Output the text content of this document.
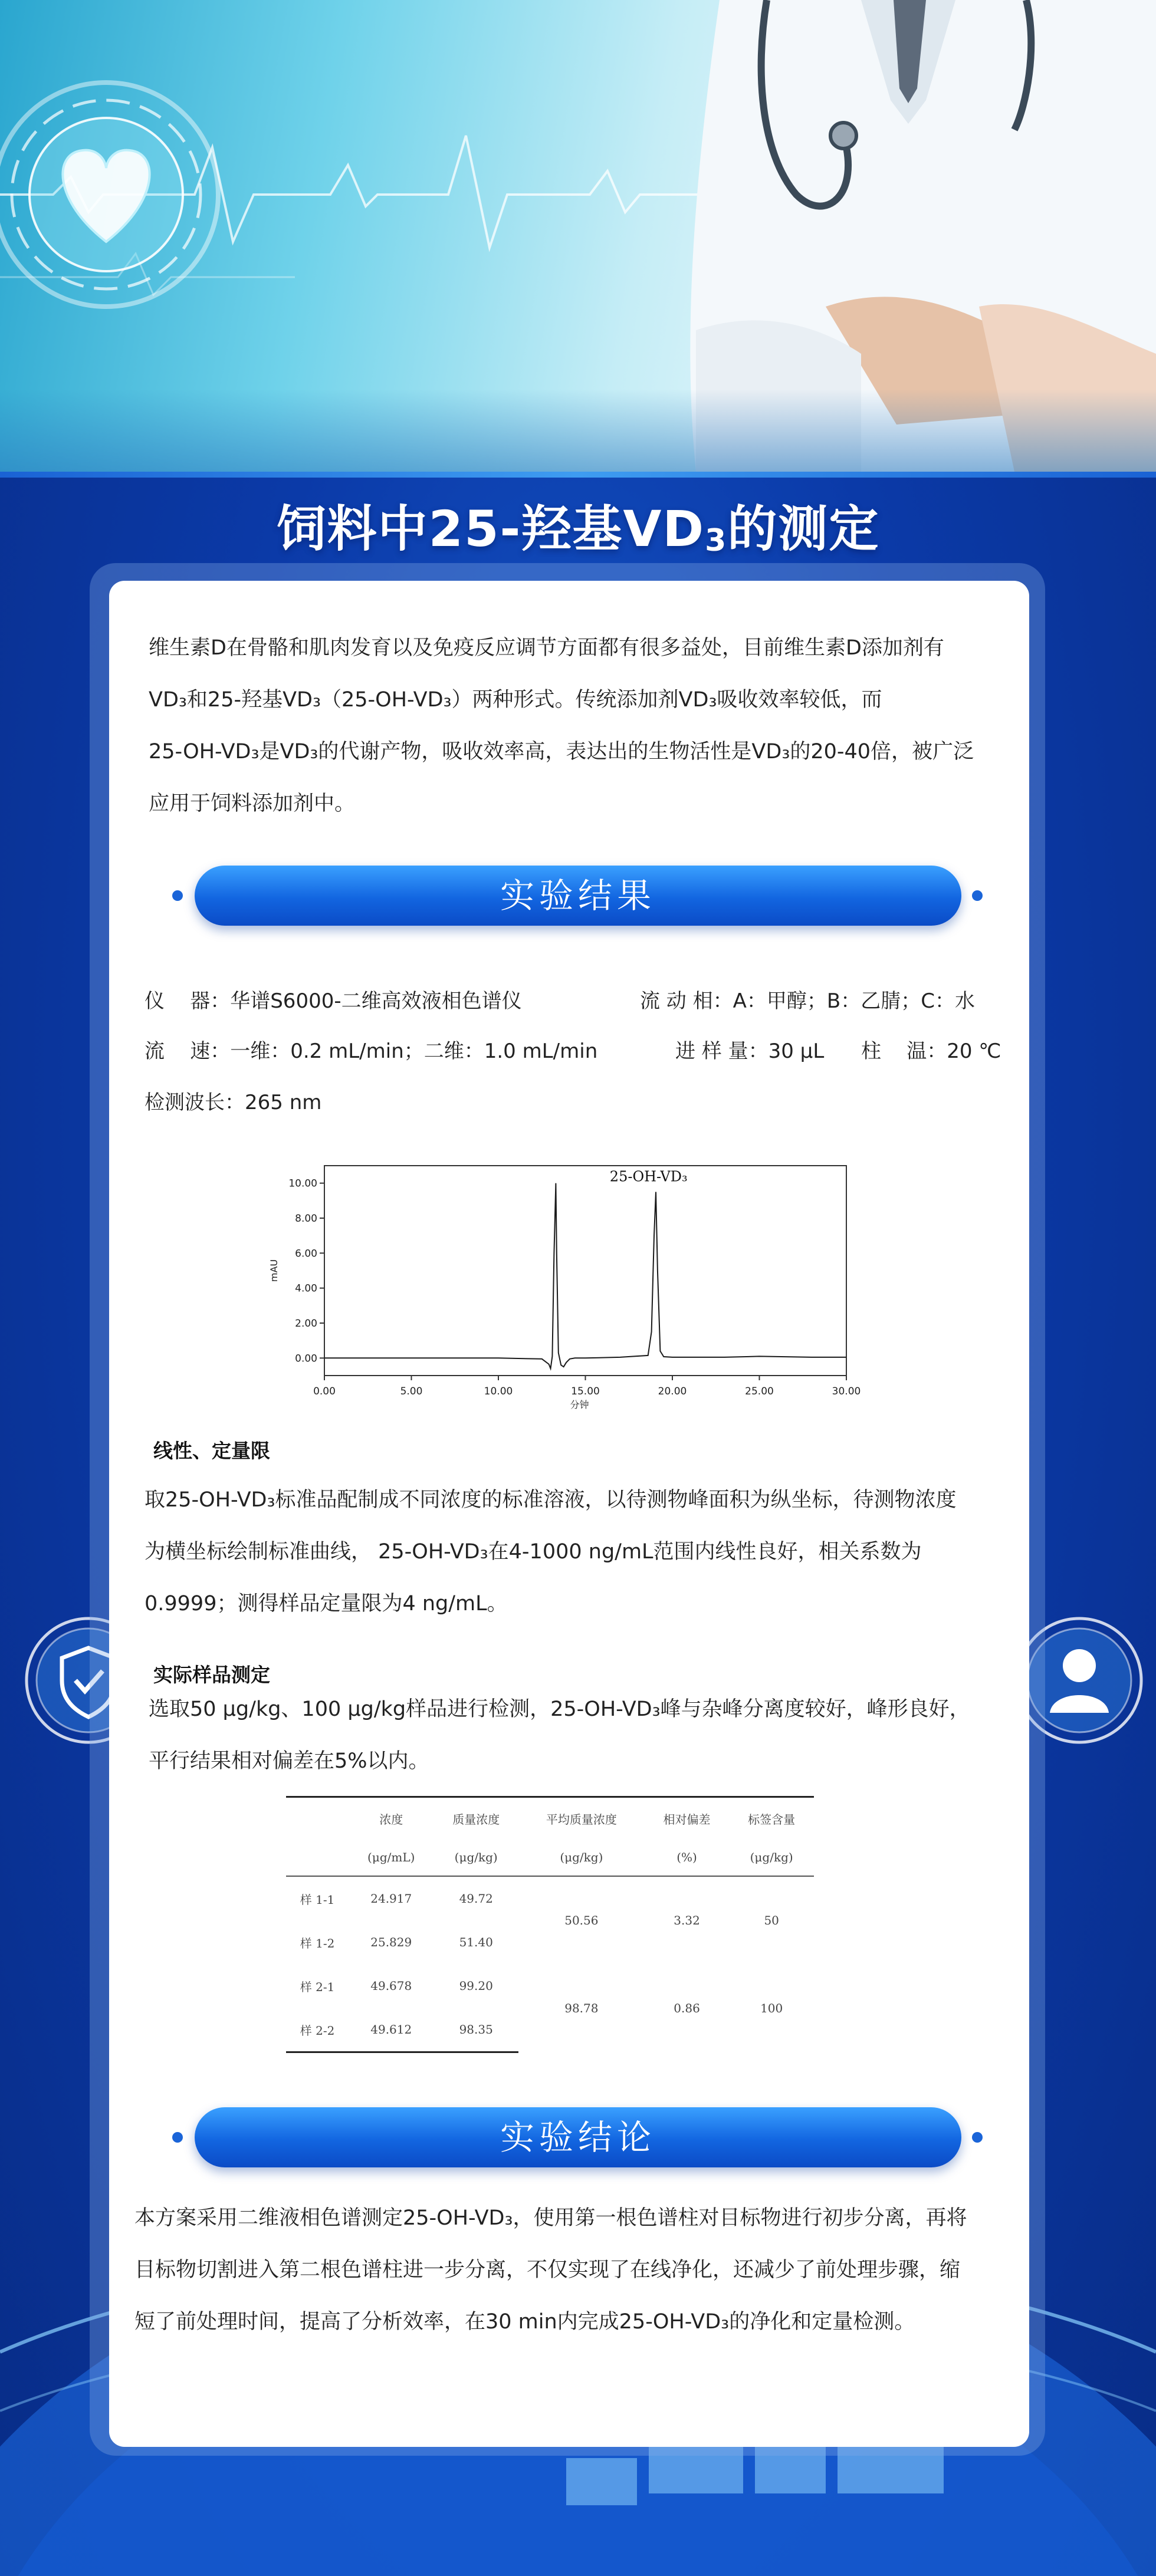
饲料中25-羟基$VD_3$的测定
维生素D在骨骼和肌肉发育以及免疫反应调节方面都有很多益处，目前维生素D添加剂有
VD₃和25-羟基VD₃（25-OH-VD₃）两种形式。传统添加剂VD₃吸收效率较低，而
25-OH-VD₃是VD₃的代谢产物，吸收效率高，表达出的生物活性是VD₃的20-40倍，被广泛
应用于饲料添加剂中。
实验结果
仪    器：华谱S6000-二维高效液相色谱仪	流 动 相：A：甲醇；B：乙腈；C：水
流    速：一维：0.2 mL/min；二维：1.0 mL/min	进 样 量：30 μL 柱    温：20 ℃
检测波长：265 nm
0.00
2.00
4.00
6.00
8.00
10.00
0.00	5.00	10.00	15.00	20.00	25.00	30.00
分钟
mAU
25-OH-VD₃
线性、定量限
取25-OH-VD₃标准品配制成不同浓度的标准溶液，以待测物峰面积为纵坐标，待测物浓度
为横坐标绘制标准曲线， 25-OH-VD₃在4-1000 ng/mL范围内线性良好，相关系数为
0.9999；测得样品定量限为4 ng/mL。
实际样品测定
选取50 μg/kg、100 μg/kg样品进行检测，25-OH-VD₃峰与杂峰分离度较好，峰形良好，
平行结果相对偏差在5%以内。
	浓度	质量浓度	平均质量浓度	相对偏差	标签含量
	(μg/mL)	(μg/kg)	(μg/kg)	(%)	(μg/kg)
样 1-1	24.917	49.72	50.56	3.32	50
样 1-2	25.829	51.40			
样 2-1	49.678	99.20	98.78	0.86	100
样 2-2	49.612	98.35			
实验结论
本方案采用二维液相色谱测定25-OH-VD₃，使用第一根色谱柱对目标物进行初步分离，再将
目标物切割进入第二根色谱柱进一步分离，不仅实现了在线净化，还减少了前处理步骤，缩
短了前处理时间，提高了分析效率，在30 min内完成25-OH-VD₃的净化和定量检测。
